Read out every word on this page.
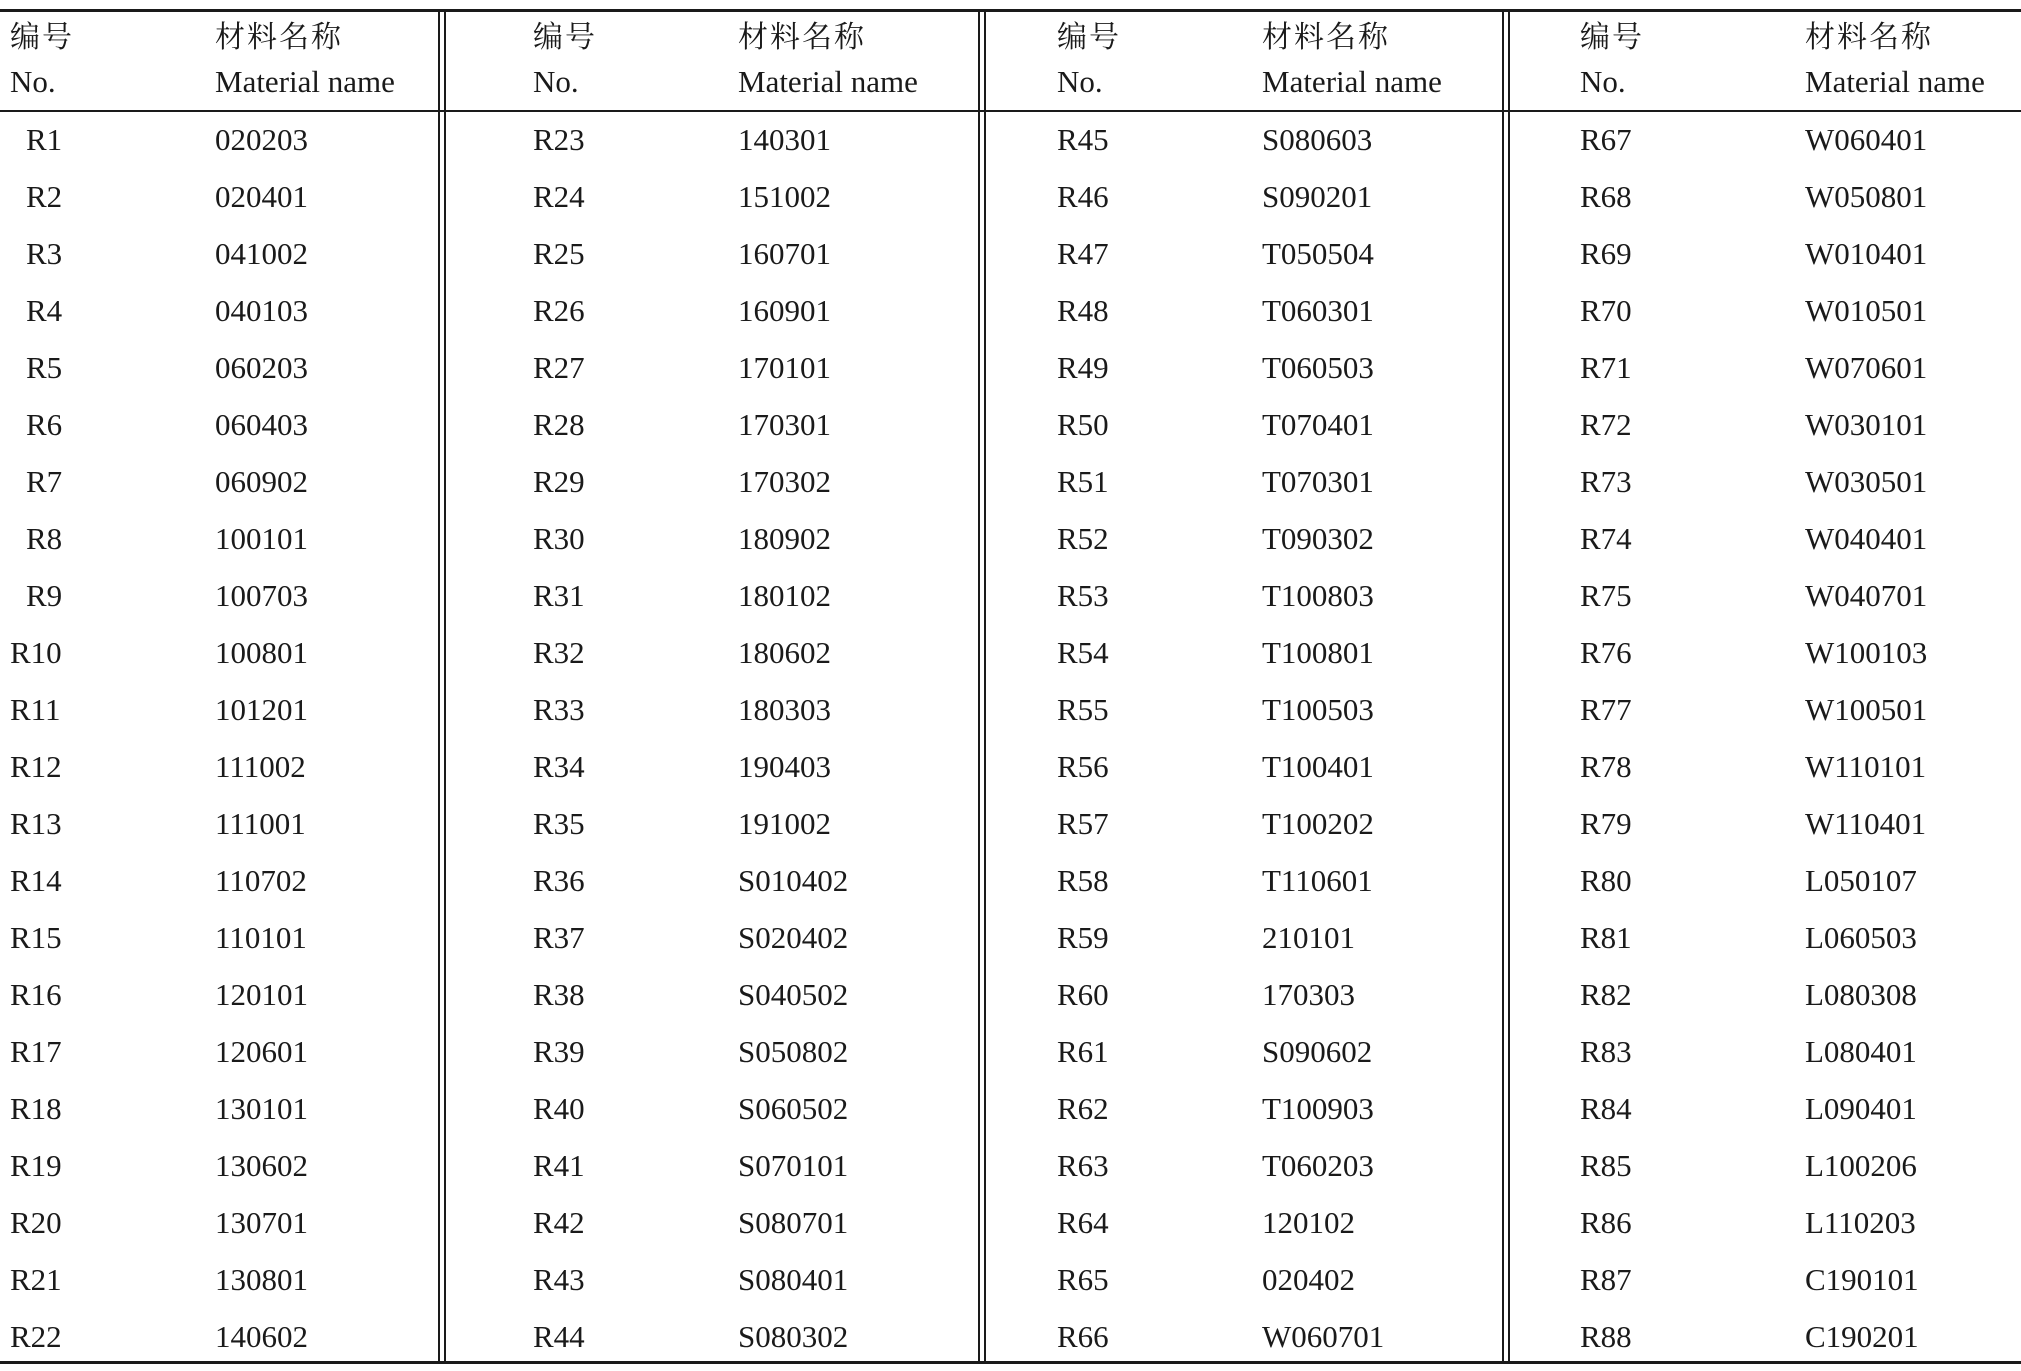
编号
No.
材料名称
Material name
R1	020203
R2	020401
R3	041002
R4	040103
R5	060203
R6	060403
R7	060902
R8	100101
R9	100703
R10	100801
R11	101201
R12	111002
R13	111001
R14	110702
R15	110101
R16	120101
R17	120601
R18	130101
R19	130602
R20	130701
R21	130801
R22	140602
编号
No.
材料名称
Material name
R23	140301
R24	151002
R25	160701
R26	160901
R27	170101
R28	170301
R29	170302
R30	180902
R31	180102
R32	180602
R33	180303
R34	190403
R35	191002
R36	S010402
R37	S020402
R38	S040502
R39	S050802
R40	S060502
R41	S070101
R42	S080701
R43	S080401
R44	S080302
编号
No.
材料名称
Material name
R45	S080603
R46	S090201
R47	T050504
R48	T060301
R49	T060503
R50	T070401
R51	T070301
R52	T090302
R53	T100803
R54	T100801
R55	T100503
R56	T100401
R57	T100202
R58	T110601
R59	210101
R60	170303
R61	S090602
R62	T100903
R63	T060203
R64	120102
R65	020402
R66	W060701
编号
No.
材料名称
Material name
R67	W060401
R68	W050801
R69	W010401
R70	W010501
R71	W070601
R72	W030101
R73	W030501
R74	W040401
R75	W040701
R76	W100103
R77	W100501
R78	W110101
R79	W110401
R80	L050107
R81	L060503
R82	L080308
R83	L080401
R84	L090401
R85	L100206
R86	L110203
R87	C190101
R88	C190201
